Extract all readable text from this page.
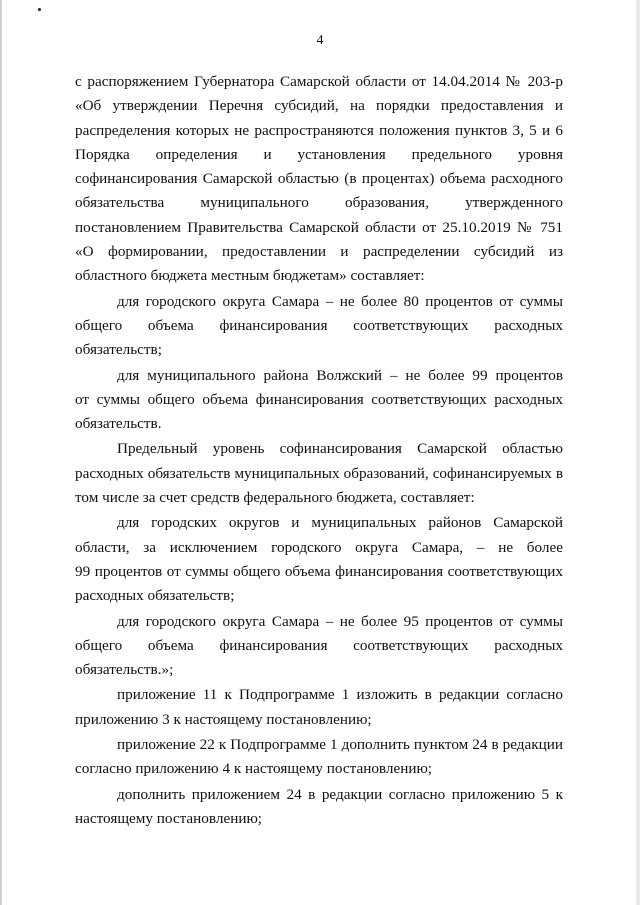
4
с распоряжением Губернатора Самарской области от 14.04.2014 № 203-р
«Об утверждении Перечня субсидий, на порядки предоставления и
распределения которых не распространяются положения пунктов 3, 5 и 6
Порядка определения и установления предельного уровня
софинансирования Самарской областью (в процентах) объема расходного
обязательства муниципального образования, утвержденного
постановлением Правительства Самарской области от 25.10.2019 № 751
«О формировании, предоставлении и распределении субсидий из
областного бюджета местным бюджетам» составляет:
для городского округа Самара – не более 80 процентов от суммы
общего объема финансирования соответствующих расходных
обязательств;
для муниципального района Волжский – не более 99 процентов
от суммы общего объема финансирования соответствующих расходных
обязательств.
Предельный уровень софинансирования Самарской областью
расходных обязательств муниципальных образований, софинансируемых в
том числе за счет средств федерального бюджета, составляет:
для городских округов и муниципальных районов Самарской
области, за исключением городского округа Самара, – не более
99 процентов от суммы общего объема финансирования соответствующих
расходных обязательств;
для городского округа Самара – не более 95 процентов от суммы
общего объема финансирования соответствующих расходных
обязательств.»;
приложение 11 к Подпрограмме 1 изложить в редакции согласно
приложению 3 к настоящему постановлению;
приложение 22 к Подпрограмме 1 дополнить пунктом 24 в редакции
согласно приложению 4 к настоящему постановлению;
дополнить приложением 24 в редакции согласно приложению 5 к
настоящему постановлению;
